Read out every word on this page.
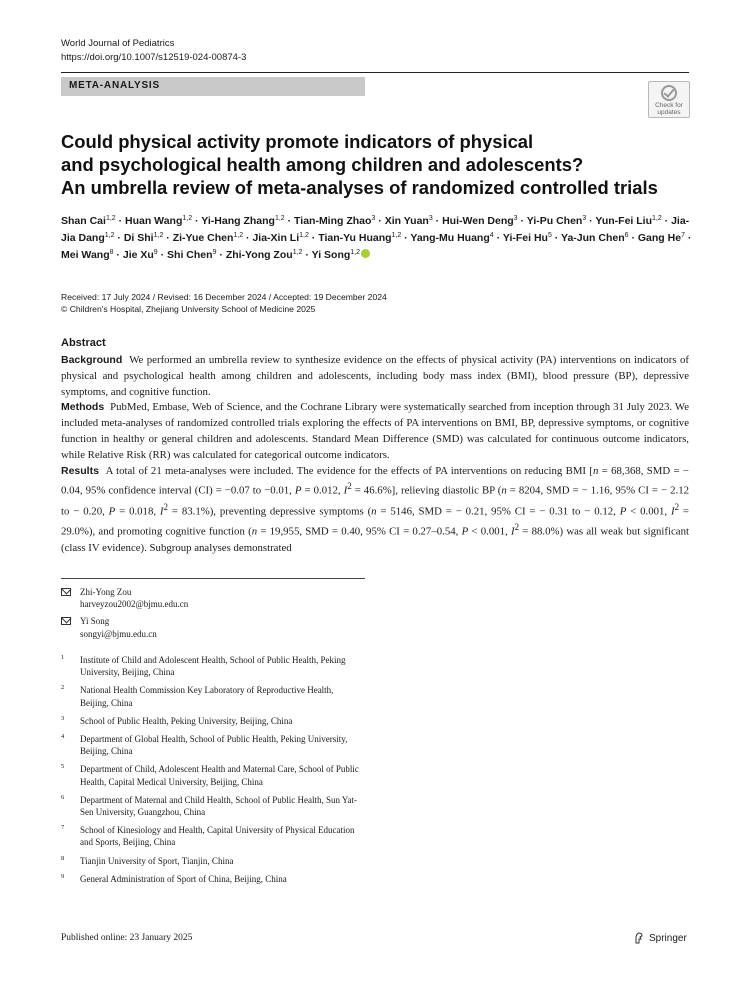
World Journal of Pediatrics
https://doi.org/10.1007/s12519-024-00874-3
META-ANALYSIS
Check for
updates
Could physical activity promote indicators of physical
and psychological health among children and adolescents?
An umbrella review of meta-analyses of randomized controlled trials
Shan Cai$^{1,2}$ · Huan Wang$^{1,2}$ · Yi-Hang Zhang$^{1,2}$ · Tian-Ming Zhao$^3$ · Xin Yuan$^3$ · Hui-Wen Deng$^3$ · Yi-Pu Chen$^3$ · Yun-Fei Liu$^{1,2}$ · Jia-Jia Dang$^{1,2}$ · Di Shi$^{1,2}$ · Zi-Yue Chen$^{1,2}$ · Jia-Xin Li$^{1,2}$ · Tian-Yu Huang$^{1,2}$ · Yang-Mu Huang$^4$ · Yi-Fei $Hu^5 \cdot Ya-Jun$ Chen$^6$ · Gang $He^7$ · Mei Wang$^8$ · Jie $Xu^9$ · Shi Chen$^9$ · Zhi-Yong Zou$^{1,2}$ · Yi Song$^{1,2}$
Received: 17 July 2024 / Revised: 16 December 2024 / Accepted: 19 December 2024
© Children's Hospital, Zhejiang University School of Medicine 2025
Abstract

Background We performed an umbrella review to synthesize evidence on the effects of physical activity (PA) interventions on indicators of physical and psychological health among children and adolescents, including body mass index (BMI), blood pressure (BP), depressive symptoms, and cognitive function.

Methods PubMed, Embase, Web of Science, and the Cochrane Library were systematically searched from inception through 31 July 2023. We included meta-analyses of randomized controlled trials exploring the effects of PA interventions on BMI, BP, depressive symptoms, or cognitive function in healthy or general children and adolescents. Standard Mean Difference (SMD) was calculated for continuous outcome indicators, while Relative Risk (RR) was calculated for categorical outcome indicators.

Results A total of 21 meta-analyses were included. The evidence for the effects of PA interventions on reducing BMI [n = 68,368, SMD = − 0.04, 95% confidence interval (CI) = −0.07 to −0.01, P = 0.012, $I^2 = 46.6\%$], relieving diastolic BP (n = 8204, SMD = − 1.16, 95% CI = − 2.12 to − 0.20, P = 0.018, $I^2 = 83.1\%$), preventing depressive symptoms (n = 5146, SMD = − 0.21, 95% CI = − 0.31 to − 0.12, P < 0.001, $I^2 = 29.0\%$), and promoting cognitive function (n = 19,955, SMD = 0.40, 95% CI = 0.27–0.54, P < 0.001, $I^2 = 88.0\%$) was all weak but significant (class IV evidence). Subgroup analyses demonstrated

Zhi-Yong Zou
harveyzou2002@bjmu.edu.cn
Yi Song
songyi@bjmu.edu.cn
1	Institute of Child and Adolescent Health, School of Public Health, Peking University, Beijing, China
2	National Health Commission Key Laboratory of Reproductive Health, Beijing, China
3	School of Public Health, Peking University, Beijing, China
4	Department of Global Health, School of Public Health, Peking University, Beijing, China
5	Department of Child, Adolescent Health and Maternal Care, School of Public Health, Capital Medical University, Beijing, China
6	Department of Maternal and Child Health, School of Public Health, Sun Yat-Sen University, Guangzhou, China
7	School of Kinesiology and Health, Capital University of Physical Education and Sports, Beijing, China
8	Tianjin University of Sport, Tianjin, China
9	General Administration of Sport of China, Beijing, China
Published online: 23 January 2025	Springer
